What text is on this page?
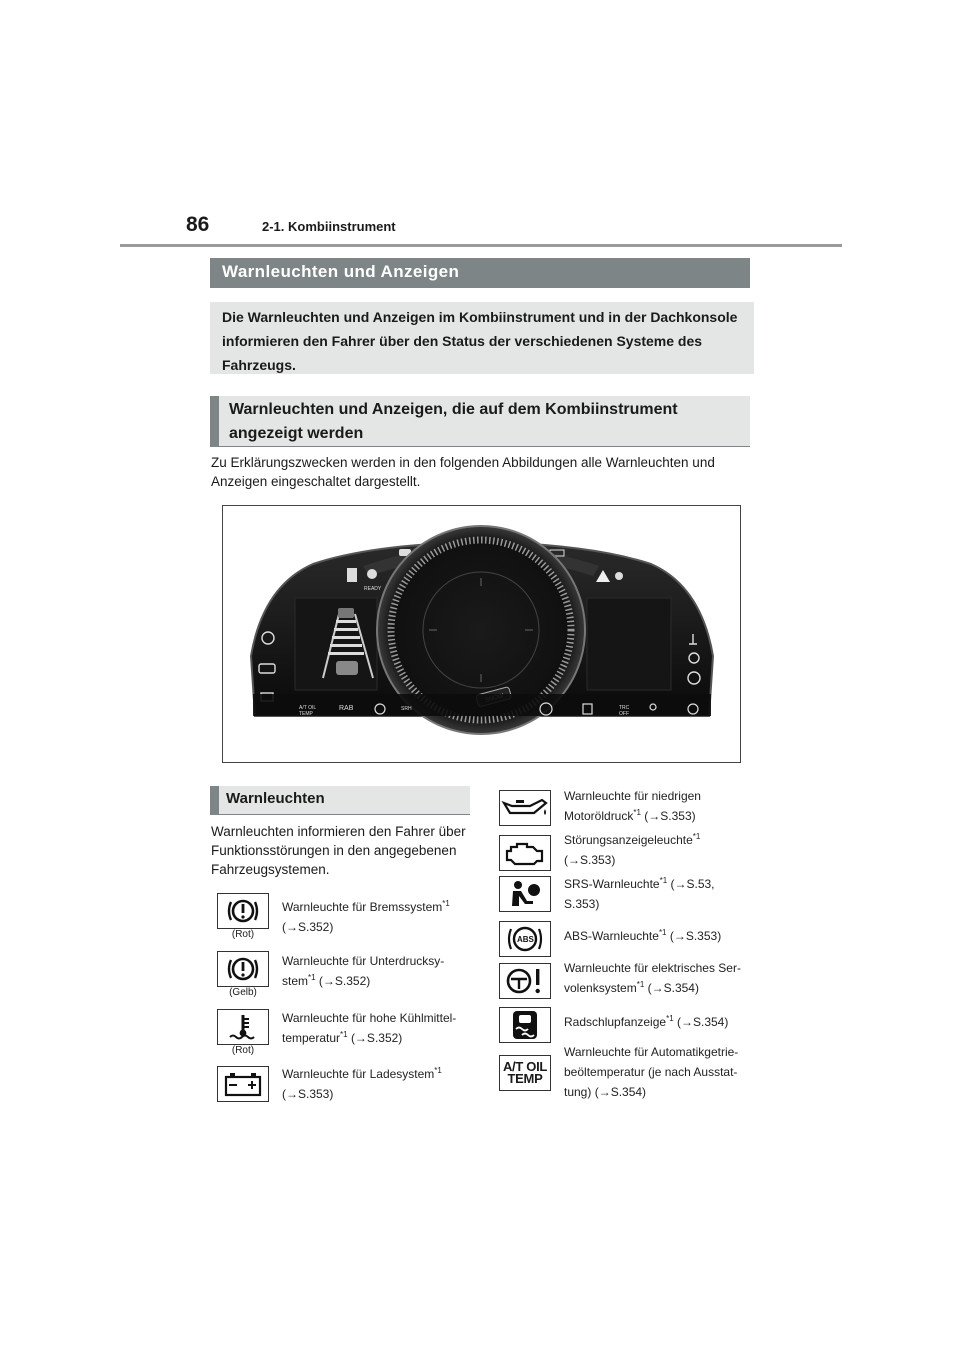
86	2-1. Kombiinstrument
Warnleuchten und Anzeigen
Die Warnleuchten und Anzeigen im Kombiinstrument und in der Dachkonsole informieren den Fahrer über den Status der verschiedenen Systeme des Fahrzeugs.
Warnleuchten und Anzeigen, die auf dem Kombiinstrument angezeigt werden
Zu Erklärungszwecken werden in den folgenden Abbildungen alle Warnleuchten und Anzeigen eingeschaltet dargestellt.
READY
A/T OIL
TEMP
RAB	SRH	TRC
OFF
Warnleuchten
Warnleuchten informieren den Fahrer über Funktionsstörungen in den angegebenen Fahrzeugsystemen.
(Rot)
Warnleuchte für Bremssystem$^{*1}$
(→S.352)
(Gelb)
Warnleuchte für Unterdrucksy-stem$^{*1}$ (→S.352)
(Rot)
Warnleuchte für hohe Kühlmittel-temperatur$^{*1}$ (→S.352)
Warnleuchte für Ladesystem$^{*1}$
(→S.353)
Warnleuchte für niedrigen Motoröldruck$^{*1}$ (→S.353)
Störungsanzeigeleuchte$^{*1}$
(→S.353)
SRS-Warnleuchte$^{*1}$ (→S.53, S.353)
ABS	ABS-Warnleuchte$^{*1}$ (→S.353)
Warnleuchte für elektrisches Ser-volenksystem$^{*1}$ (→S.354)
Radschlupfanzeige$^{*1}$ (→S.354)
A/T OIL
TEMP
Warnleuchte für Automatikgetrie-beöltemperatur (je nach Ausstat-tung) (→S.354)
